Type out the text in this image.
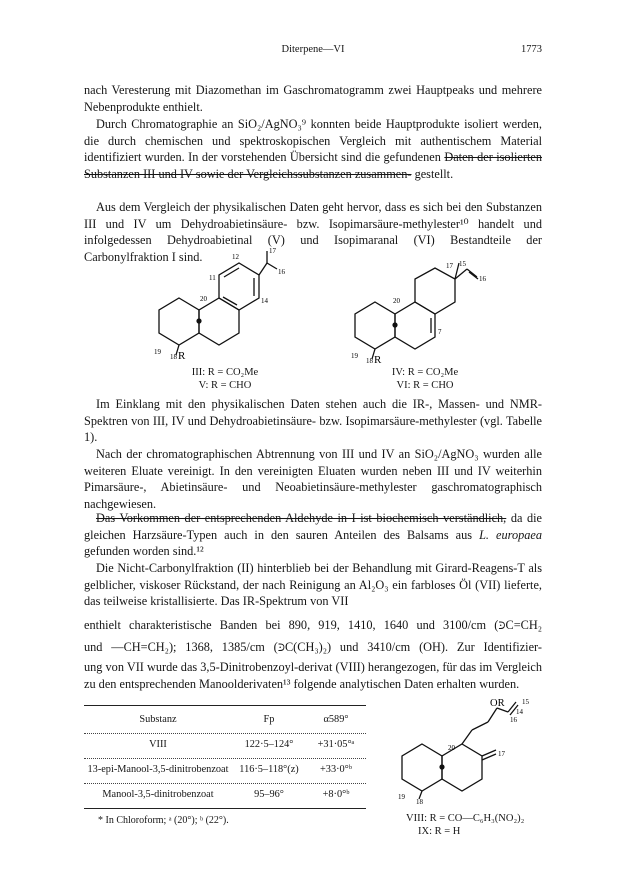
Diterpene—VI	1773

nach Veresterung mit Diazomethan im Gaschromatogramm zwei Hauptpeaks und mehrere Nebenprodukte enthielt.

Durch Chromatographie an SiO₂/AgNO₃⁹ konnten beide Hauptprodukte isoliert werden, die durch chemischen und spektroskopischen Vergleich mit authentischem Material identifiziert wurden. In der vorstehenden Übersicht sind die gefundenen Daten der isolierten Substanzen III und IV sowie der Vergleichssubstanzen zusammen- gestellt.

Aus dem Vergleich der physikalischen Daten geht hervor, dass es sich bei den Substanzen III und IV um Dehydroabietinsäure- bzw. Isopimarsäure-methylester¹⁰ handelt und infolgedessen Dehydroabietinal (V) und Isopimaranal (VI) Bestandteile der Carbonylfraktion I sind.	12
17
16
11
14
20
19
18 R
III: R = CO₂Me
V: R = CHO
17 15
16
20
7
19
18 R
IV: R = CO₂Me
VI: R = CHO

Im Einklang mit den physikalischen Daten stehen auch die IR-, Massen- und NMR-Spektren von III, IV und Dehydroabietinsäure- bzw. Isopimarsäure-methylester (vgl. Tabelle 1).

Nach der chromatographischen Abtrennung von III und IV an SiO₂/AgNO₃ wurden alle weiteren Eluate vereinigt. In den vereinigten Eluaten wurden neben III und IV weiterhin Pimarsäure-, Abietinsäure- und Neoabietinsäure-methylester gaschromatographisch nachgewiesen.

Das Vorkommen der entsprechenden Aldehyde in I ist biochemisch verständlich, da die gleichen Harzsäure-Typen auch in den sauren Anteilen des Balsams aus L. europaea gefunden worden sind.¹²

Die Nicht-Carbonylfraktion (II) hinterblieb bei der Behandlung mit Girard-Reagens-T als gelblicher, viskoser Rückstand, der nach Reinigung an Al₂O₃ ein farbloses Öl (VII) lieferte, das teilweise kristallisierte. Das IR-Spektrum von VII

enthielt charakteristische Banden bei 890, 919, 1410, 1640 und 3100/cm (⪾C=CH₂
und —CH=CH₂); 1368, 1385/cm (⪾C(CH₃)₂) und 3410/cm (OH). Zur Identifizier-

ung von VII wurde das 3,5-Dinitrobenzoyl-derivat (VIII) herangezogen, für das im Vergleich zu den entsprechenden Manoolderivaten¹³ folgende analytischen Daten erhalten wurden.

Substanz	Fp	α589°
VIII	122·5–124°	+31·05°ᵃ
13-epi-Manool-3,5-dinitrobenzoat	116·5–118°(z)	+33·0°ᵇ
Manool-3,5-dinitrobenzoat	95–96°	+8·0°ᵇ
* In Chloroform; ᵃ (20°); ᵇ (22°).
14
15
16
20
17
19
18
OR
VIII: R = CO—C₆H₃(NO₂)₂
IX: R = H
